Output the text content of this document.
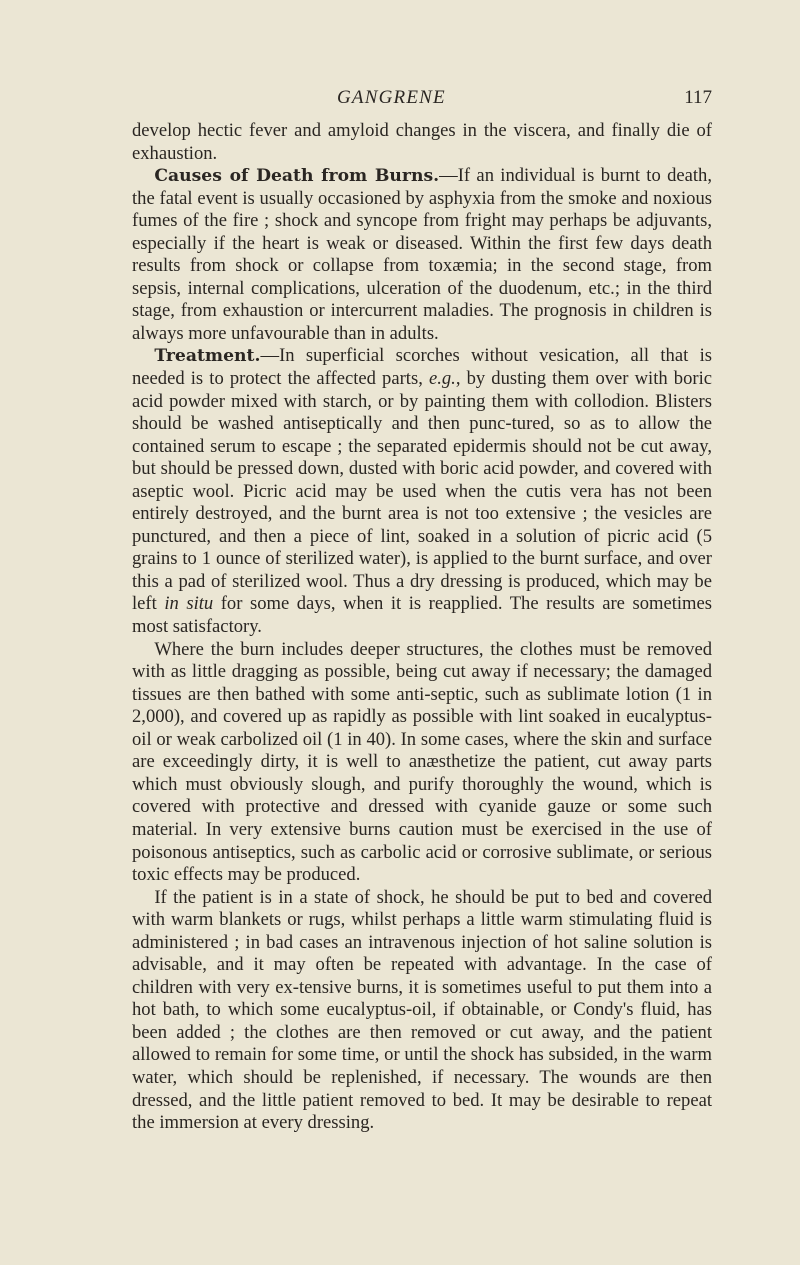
GANGRENE	117

develop hectic fever and amyloid changes in the viscera, and finally die of exhaustion.

Causes of Death from Burns.—If an individual is burnt to death, the fatal event is usually occasioned by asphyxia from the smoke and noxious fumes of the fire ; shock and syncope from fright may perhaps be adjuvants, especially if the heart is weak or diseased. Within the first few days death results from shock or collapse from toxæmia; in the second stage, from sepsis, internal complications, ulceration of the duodenum, etc.; in the third stage, from exhaustion or intercurrent maladies. The prognosis in children is always more unfavourable than in adults.

Treatment.—In superficial scorches without vesication, all that is needed is to protect the affected parts, e.g., by dusting them over with boric acid powder mixed with starch, or by painting them with collodion. Blisters should be washed antiseptically and then punc-tured, so as to allow the contained serum to escape ; the separated epidermis should not be cut away, but should be pressed down, dusted with boric acid powder, and covered with aseptic wool. Picric acid may be used when the cutis vera has not been entirely destroyed, and the burnt area is not too extensive ; the vesicles are punctured, and then a piece of lint, soaked in a solution of picric acid (5 grains to 1 ounce of sterilized water), is applied to the burnt surface, and over this a pad of sterilized wool. Thus a dry dressing is produced, which may be left in situ for some days, when it is reapplied. The results are sometimes most satisfactory.

Where the burn includes deeper structures, the clothes must be removed with as little dragging as possible, being cut away if necessary; the damaged tissues are then bathed with some anti-septic, such as sublimate lotion (1 in 2,000), and covered up as rapidly as possible with lint soaked in eucalyptus-oil or weak carbolized oil (1 in 40). In some cases, where the skin and surface are exceedingly dirty, it is well to anæsthetize the patient, cut away parts which must obviously slough, and purify thoroughly the wound, which is covered with protective and dressed with cyanide gauze or some such material. In very extensive burns caution must be exercised in the use of poisonous antiseptics, such as carbolic acid or corrosive sublimate, or serious toxic effects may be produced.

If the patient is in a state of shock, he should be put to bed and covered with warm blankets or rugs, whilst perhaps a little warm stimulating fluid is administered ; in bad cases an intravenous injection of hot saline solution is advisable, and it may often be repeated with advantage. In the case of children with very ex-tensive burns, it is sometimes useful to put them into a hot bath, to which some eucalyptus-oil, if obtainable, or Condy's fluid, has been added ; the clothes are then removed or cut away, and the patient allowed to remain for some time, or until the shock has subsided, in the warm water, which should be replenished, if necessary. The wounds are then dressed, and the little patient removed to bed. It may be desirable to repeat the immersion at every dressing.
